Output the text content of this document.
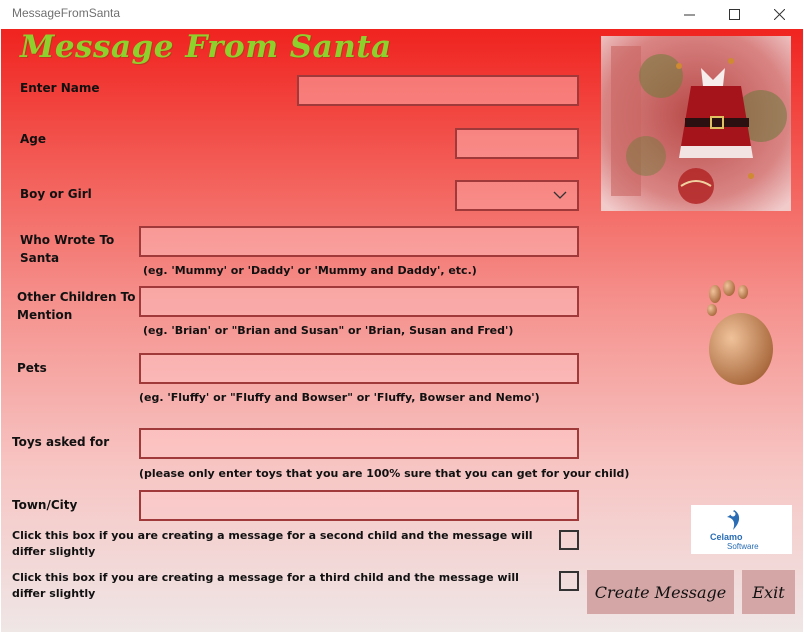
MessageFromSanta
Message From Santa
Enter Name
Age
Boy or Girl
Who Wrote To Santa
(eg. 'Mummy' or 'Daddy' or 'Mummy and Daddy', etc.)
Other Children To Mention
(eg. 'Brian' or "Brian and Susan" or 'Brian, Susan and Fred')
Pets
(eg. 'Fluffy' or "Fluffy and Bowser" or 'Fluffy, Bowser and Nemo')
Toys asked for
(please only enter toys that you are 100% sure that you can get for your child)
Town/City
Click this box if you are creating a message for a second child and the message will differ slightly
Click this box if you are creating a message for a third child and the message will differ slightly
Celamo
Software
Create Message	Exit
